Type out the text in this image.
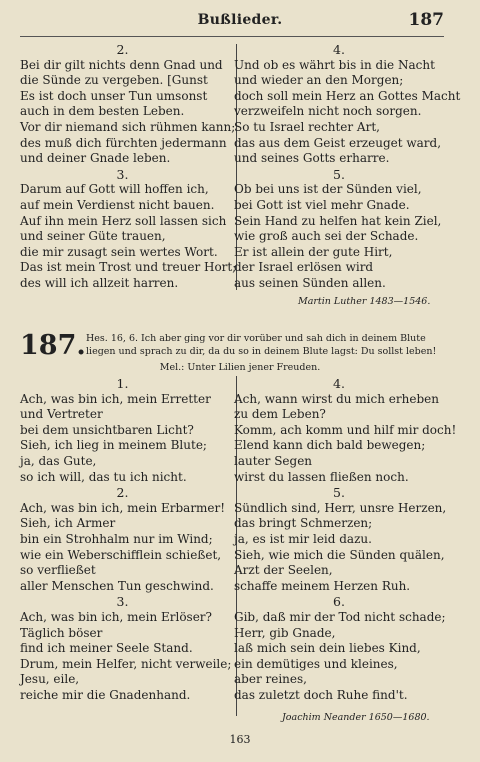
Bußlieder.	187
2.
Bei dir gilt nichts denn Gnad und
die Sünde zu vergeben. [Gunst
Es ist doch unser Tun umsonst
auch in dem besten Leben.
Vor dir niemand sich rühmen kann;
des muß dich fürchten jedermann
und deiner Gnade leben.
3.
Darum auf Gott will hoffen ich,
auf mein Verdienst nicht bauen.
Auf ihn mein Herz soll lassen sich
und seiner Güte trauen,
die mir zusagt sein wertes Wort.
Das ist mein Trost und treuer Hort;
des will ich allzeit harren.
4.
Und ob es währt bis in die Nacht
und wieder an den Morgen;
doch soll mein Herz an Gottes Macht
verzweifeln nicht noch sorgen.
So tu Israel rechter Art,
das aus dem Geist erzeuget ward,
und seines Gotts erharre.
5.
Ob bei uns ist der Sünden viel,
bei Gott ist viel mehr Gnade.
Sein Hand zu helfen hat kein Ziel,
wie groß auch sei der Schade.
Er ist allein der gute Hirt,
der Israel erlösen wird
aus seinen Sünden allen.
Martin Luther 1483—1546.
187. Hes. 16, 6. Ich aber ging vor dir vorüber und sah dich in deinem Blute
liegen und sprach zu dir, da du so in deinem Blute lagst: Du sollst leben!
Mel.: Unter Lilien jener Freuden.
1.
Ach, was bin ich, mein Erretter
und Vertreter
bei dem unsichtbaren Licht?
Sieh, ich lieg in meinem Blute;
ja, das Gute,
so ich will, das tu ich nicht.
2.
Ach, was bin ich, mein Erbarmer!
Sieh, ich Armer
bin ein Strohhalm nur im Wind;
wie ein Weberschifflein schießet,
so verfließet
aller Menschen Tun geschwind.
3.
Ach, was bin ich, mein Erlöser?
Täglich böser
find ich meiner Seele Stand.
Drum, mein Helfer, nicht verweile;
Jesu, eile,
reiche mir die Gnadenhand.
4.
Ach, wann wirst du mich erheben
zu dem Leben?
Komm, ach komm und hilf mir doch!
Elend kann dich bald bewegen;
lauter Segen
wirst du lassen fließen noch.
5.
Sündlich sind, Herr, unsre Herzen,
das bringt Schmerzen;
ja, es ist mir leid dazu.
Sieh, wie mich die Sünden quälen,
Arzt der Seelen,
schaffe meinem Herzen Ruh.
6.
Gib, daß mir der Tod nicht schade;
Herr, gib Gnade,
laß mich sein dein liebes Kind,
ein demütiges und kleines,
aber reines,
das zuletzt doch Ruhe find't.
Joachim Neander 1650—1680.
163
